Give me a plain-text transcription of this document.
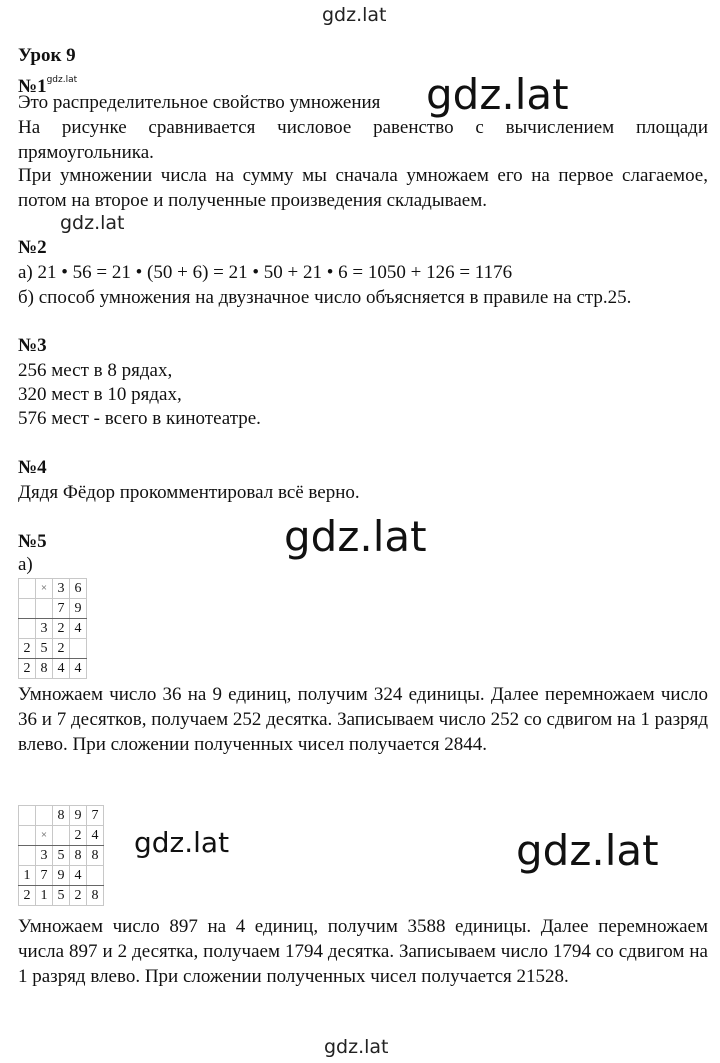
gdz.lat
gdz.lat
gdz.lat
gdz.lat
gdz.lat	gdz.lat
gdz.lat
Урок 9
$№1^{gdz.lat}$
Это распределительное свойство умножения
На рисунке сравнивается числовое равенство с вычислением площади прямоугольника.
При умножении числа на сумму мы сначала умножаем его на первое слагаемое, потом на второе и полученные произведения складываем.
№2
а) 21 • 56 = 21 • (50 + 6) = 21 • 50 + 21 • 6 = 1050 + 126 = 1176
б) способ умножения на двузначное число объясняется в правиле на стр.25.
№3
256 мест в 8 рядах,
320 мест в 10 рядах,
576 мест - всего в кинотеатре.
№4
Дядя Фёдор прокомментировал всё верно.
№5
а)
	×	3	6
		7	9
	3	2	4
2	5	2	
2	8	4	4
Умножаем число 36 на 9 единиц, получим 324 единицы. Далее перемножаем число 36 и 7 десятков, получаем 252 десятка. Записываем число 252 со сдвигом на 1 разряд влево. При сложении полученных чисел получается 2844.
		8	9	7
	×		2	4
	3	5	8	8
1	7	9	4	
2	1	5	2	8
Умножаем число 897 на 4 единиц, получим 3588 единицы. Далее перемножаем числа 897 и 2 десятка, получаем 1794 десятка. Записываем число 1794 со сдвигом на 1 разряд влево. При сложении полученных чисел получается 21528.
